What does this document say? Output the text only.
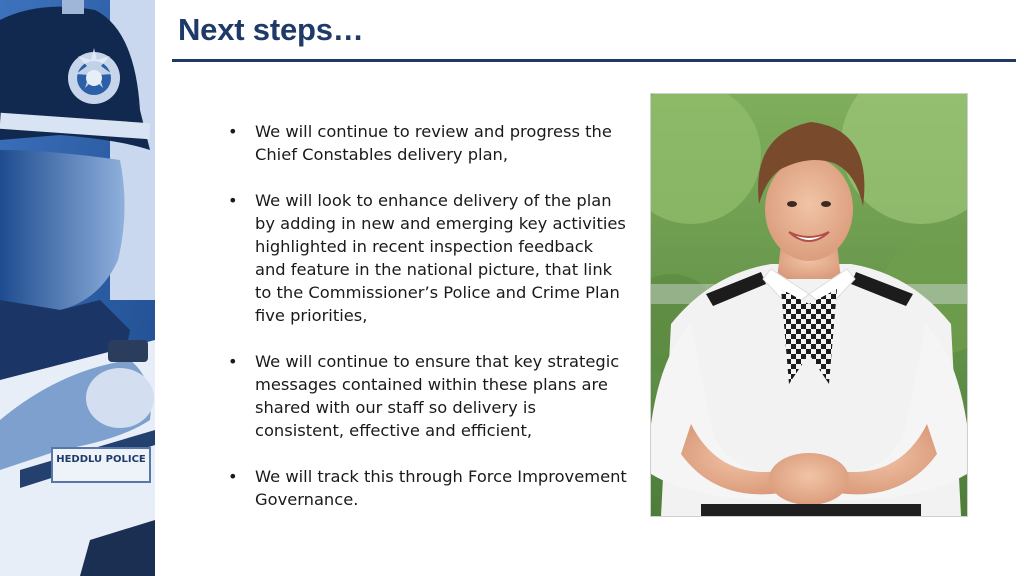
HEDDLU POLICE
Next steps…
• We will continue to review and progress the Chief Constables delivery plan,
• We will look to enhance delivery of the plan by adding in new and emerging key activities highlighted in recent inspection feedback and feature in the national picture, that link to the Commissioner’s Police and Crime Plan five priorities,
• We will continue to ensure that key strategic messages contained within these plans are shared with our staff so delivery is consistent, effective and efficient,
• We will track this through Force Improvement Governance.
